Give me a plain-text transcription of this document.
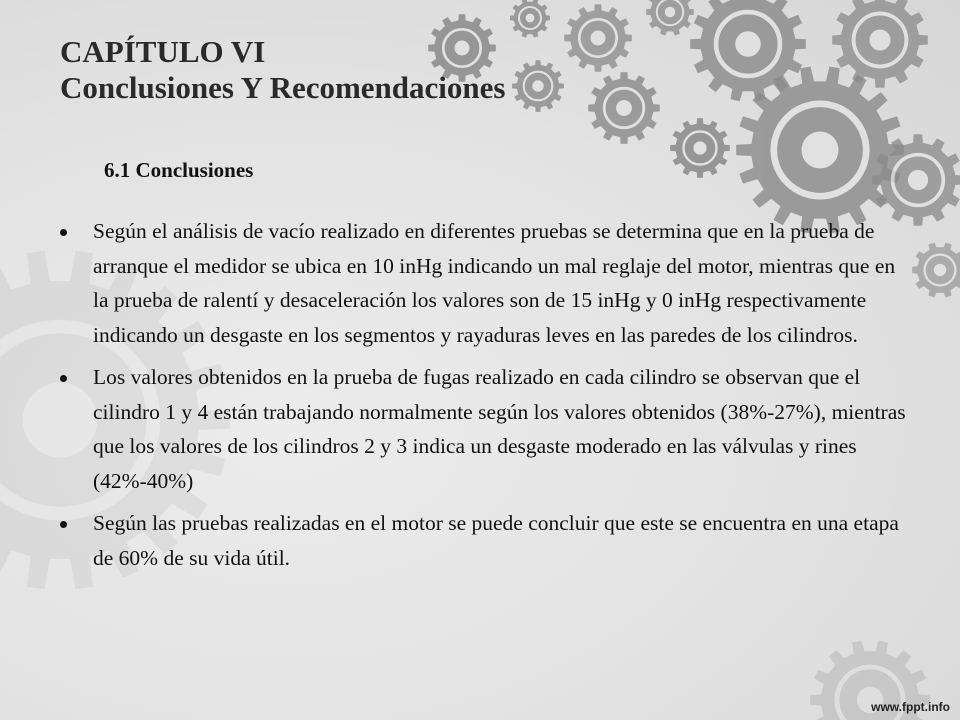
CAPÍTULO VI
Conclusiones Y Recomendaciones
6.1 Conclusiones
Según el análisis de vacío realizado en diferentes pruebas se determina que en la prueba de arranque el medidor se ubica en 10 inHg indicando un mal reglaje del motor, mientras que en la prueba de ralentí y desaceleración los valores son de 15 inHg y 0 inHg respectivamente indicando un desgaste en los segmentos y rayaduras leves en las paredes de los cilindros.
Los valores obtenidos en la prueba de fugas realizado en cada cilindro se observan que el cilindro 1 y 4 están trabajando normalmente según los valores obtenidos (38%-27%), mientras que los valores de los cilindros 2 y 3 indica un desgaste moderado en las válvulas y rines (42%-40%)
Según las pruebas realizadas en el motor se puede concluir que este se encuentra en una etapa de 60% de su vida útil.

www.fppt.info
